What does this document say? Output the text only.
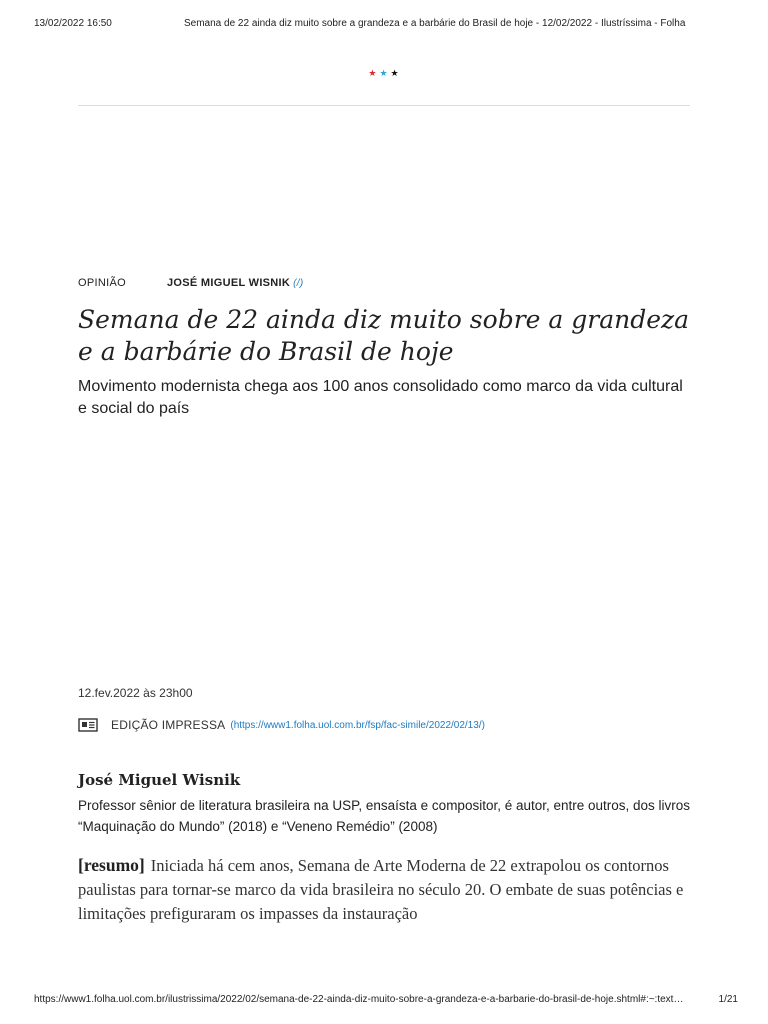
13/02/2022 16:50	Semana de 22 ainda diz muito sobre a grandeza e a barbárie do Brasil de hoje - 12/02/2022 - Ilustríssima - Folha
★ ★ ★
OPINIÃO	JOSÉ MIGUEL WISNIK (/)
Semana de 22 ainda diz muito sobre a grandeza e a barbárie do Brasil de hoje

Movimento modernista chega aos 100 anos consolidado como marco da vida cultural e social do país

12.fev.2022 às 23h00
EDIÇÃO IMPRESSA (https://www1.folha.uol.com.br/fsp/fac-simile/2022/02/13/)
José Miguel Wisnik

Professor sênior de literatura brasileira na USP, ensaísta e compositor, é autor, entre outros, dos livros “Maquinação do Mundo” (2018) e “Veneno Remédio” (2008)

[resumo] Iniciada há cem anos, Semana de Arte Moderna de 22 extrapolou os contornos paulistas para tornar-se marco da vida brasileira no século 20. O embate de suas potências e limitações prefiguraram os impasses da instauração

https://www1.folha.uol.com.br/ilustrissima/2022/02/semana-de-22-ainda-diz-muito-sobre-a-grandeza-e-a-barbarie-do-brasil-de-hoje.shtml#:~:text…	1/21
